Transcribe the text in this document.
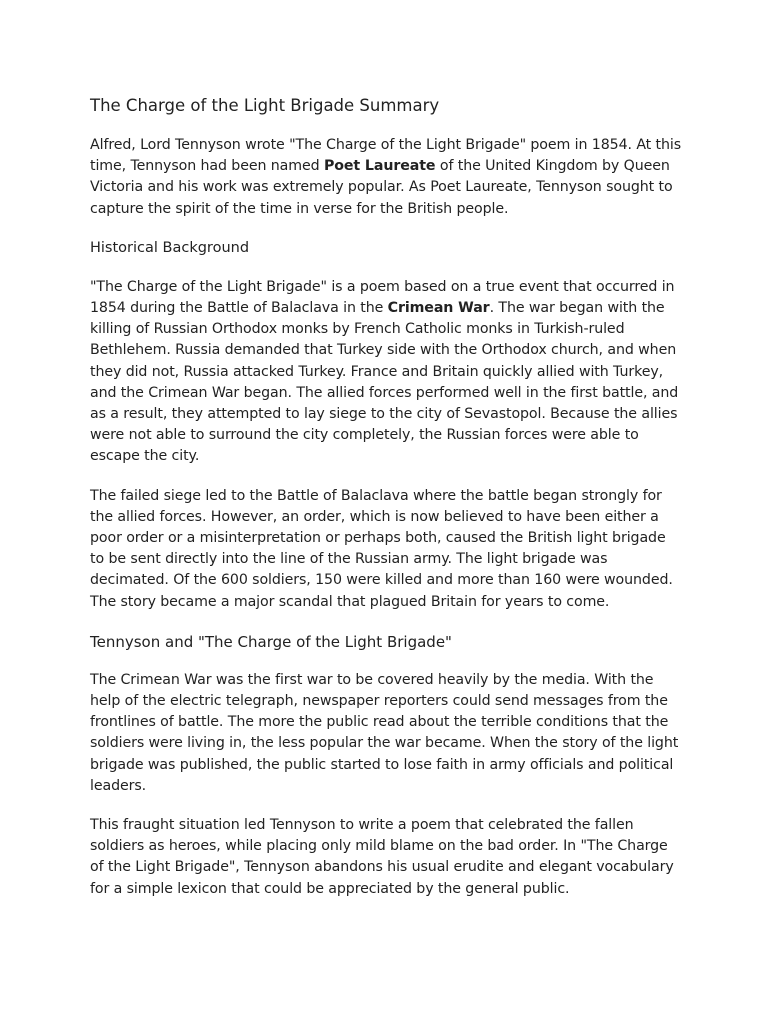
The Charge of the Light Brigade Summary

Alfred, Lord Tennyson wrote "The Charge of the Light Brigade" poem in 1854. At this time, Tennyson had been named Poet Laureate of the United Kingdom by Queen Victoria and his work was extremely popular. As Poet Laureate, Tennyson sought to capture the spirit of the time in verse for the British people.

Historical Background

"The Charge of the Light Brigade" is a poem based on a true event that occurred in 1854 during the Battle of Balaclava in the Crimean War. The war began with the killing of Russian Orthodox monks by French Catholic monks in Turkish-ruled Bethlehem. Russia demanded that Turkey side with the Orthodox church, and when they did not, Russia attacked Turkey. France and Britain quickly allied with Turkey, and the Crimean War began. The allied forces performed well in the first battle, and as a result, they attempted to lay siege to the city of Sevastopol. Because the allies were not able to surround the city completely, the Russian forces were able to escape the city.

The failed siege led to the Battle of Balaclava where the battle began strongly for the allied forces. However, an order, which is now believed to have been either a poor order or a misinterpretation or perhaps both, caused the British light brigade to be sent directly into the line of the Russian army. The light brigade was decimated. Of the 600 soldiers, 150 were killed and more than 160 were wounded. The story became a major scandal that plagued Britain for years to come.

Tennyson and "The Charge of the Light Brigade"

The Crimean War was the first war to be covered heavily by the media. With the help of the electric telegraph, newspaper reporters could send messages from the frontlines of battle. The more the public read about the terrible conditions that the soldiers were living in, the less popular the war became. When the story of the light brigade was published, the public started to lose faith in army officials and political leaders.

This fraught situation led Tennyson to write a poem that celebrated the fallen soldiers as heroes, while placing only mild blame on the bad order. In "The Charge of the Light Brigade", Tennyson abandons his usual erudite and elegant vocabulary for a simple lexicon that could be appreciated by the general public.
